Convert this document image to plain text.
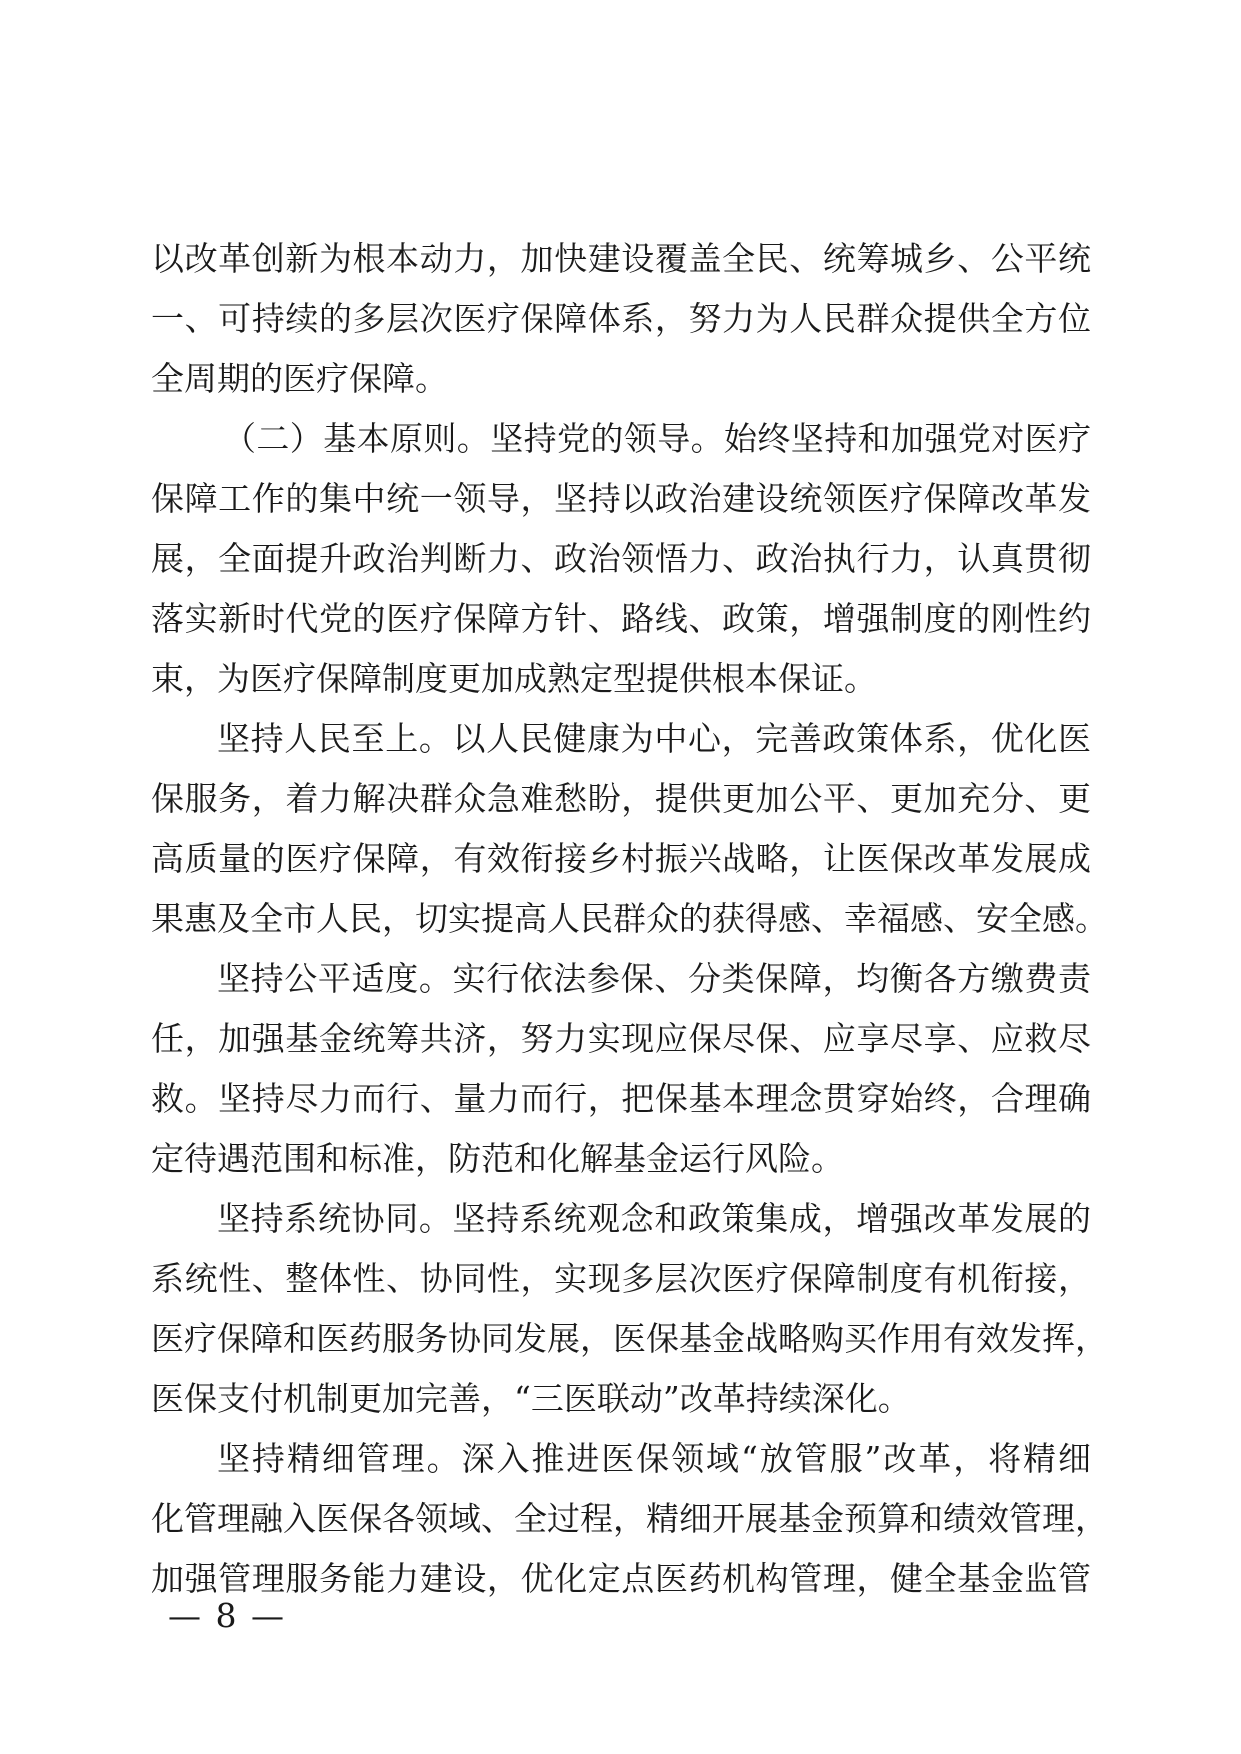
以改革创新为根本动力，加快建设覆盖全民、统筹城乡、公平统
一、可持续的多层次医疗保障体系，努力为人民群众提供全方位
全周期的医疗保障。
（二）基本原则。坚持党的领导。始终坚持和加强党对医疗
保障工作的集中统一领导，坚持以政治建设统领医疗保障改革发
展，全面提升政治判断力、政治领悟力、政治执行力，认真贯彻
落实新时代党的医疗保障方针、路线、政策，增强制度的刚性约
束，为医疗保障制度更加成熟定型提供根本保证。
坚持人民至上。以人民健康为中心，完善政策体系，优化医
保服务，着力解决群众急难愁盼，提供更加公平、更加充分、更
高质量的医疗保障，有效衔接乡村振兴战略，让医保改革发展成
果惠及全市人民，切实提高人民群众的获得感、幸福感、安全感。
坚持公平适度。实行依法参保、分类保障，均衡各方缴费责
任，加强基金统筹共济，努力实现应保尽保、应享尽享、应救尽
救。坚持尽力而行、量力而行，把保基本理念贯穿始终，合理确
定待遇范围和标准，防范和化解基金运行风险。
坚持系统协同。坚持系统观念和政策集成，增强改革发展的
系统性、整体性、协同性，实现多层次医疗保障制度有机衔接，
医疗保障和医药服务协同发展，医保基金战略购买作用有效发挥，
医保支付机制更加完善，“三医联动”改革持续深化。
坚持精细管理。深入推进医保领域“放管服”改革，将精细
化管理融入医保各领域、全过程，精细开展基金预算和绩效管理，
加强管理服务能力建设，优化定点医药机构管理，健全基金监管
— 8 —
